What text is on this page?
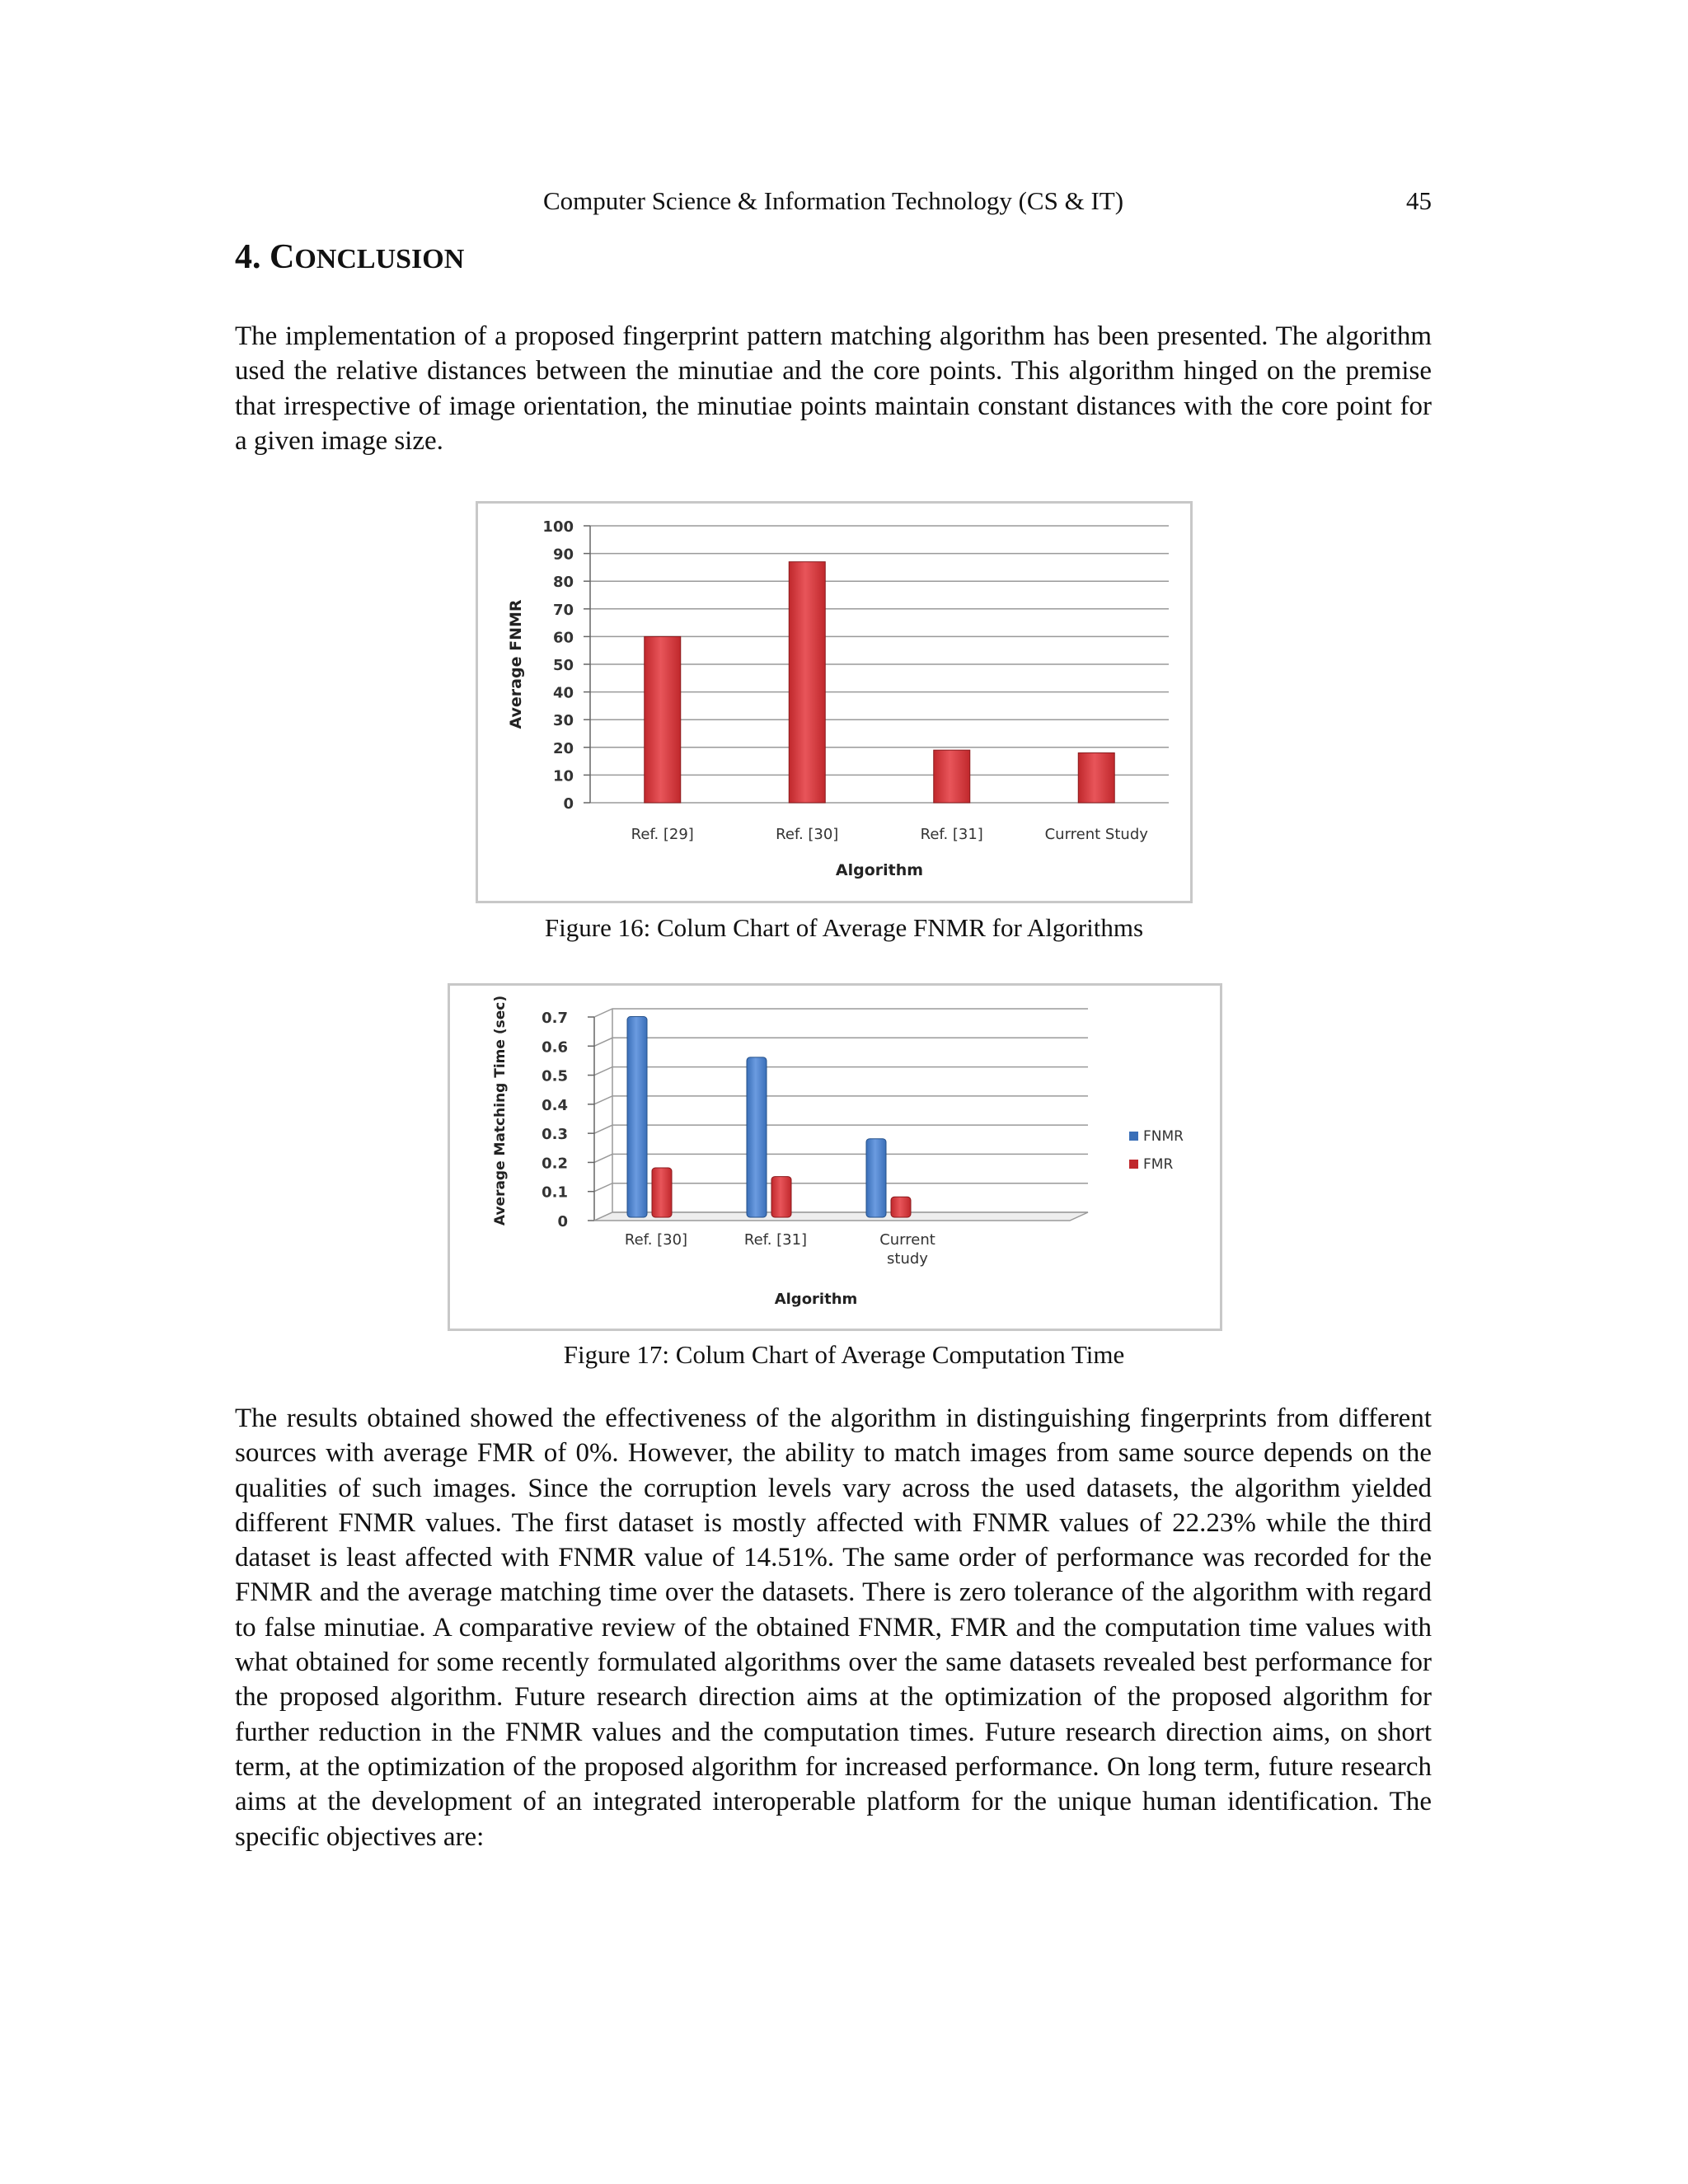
Computer Science & Information Technology (CS & IT)	45
4. CONCLUSION

The implementation of a proposed fingerprint pattern matching algorithm has been presented. The algorithm used the relative distances between the minutiae and the core points. This algorithm hinged on the premise that irrespective of image orientation, the minutiae points maintain constant distances with the core point for a given image size.

0
10
20
30
40
50
60
70
80
90
100
Ref. [29]	Ref. [30]	Ref. [31]	Current Study
Algorithm
Average FNMR

Figure 16: Colum Chart of Average FNMR for Algorithms

0
0.1
0.2
0.3
0.4
0.5
0.6
0.7
Ref. [30]	Ref. [31]	Current
study
Algorithm
Average Matching Time (sec)	FNMR
FMR

Figure 17: Colum Chart of Average Computation Time

The results obtained showed the effectiveness of the algorithm in distinguishing fingerprints from different sources with average FMR of 0%. However, the ability to match images from same source depends on the qualities of such images. Since the corruption levels vary across the used datasets, the algorithm yielded different FNMR values. The first dataset is mostly affected with FNMR values of 22.23% while the third dataset is least affected with FNMR value of 14.51%. The same order of performance was recorded for the FNMR and the average matching time over the datasets. There is zero tolerance of the algorithm with regard to false minutiae. A comparative review of the obtained FNMR, FMR and the computation time values with what obtained for some recently formulated algorithms over the same datasets revealed best performance for the proposed algorithm. Future research direction aims at the optimization of the proposed algorithm for further reduction in the FNMR values and the computation times. Future research direction aims, on short term, at the optimization of the proposed algorithm for increased performance. On long term, future research aims at the development of an integrated interoperable platform for the unique human identification. The specific objectives are:
